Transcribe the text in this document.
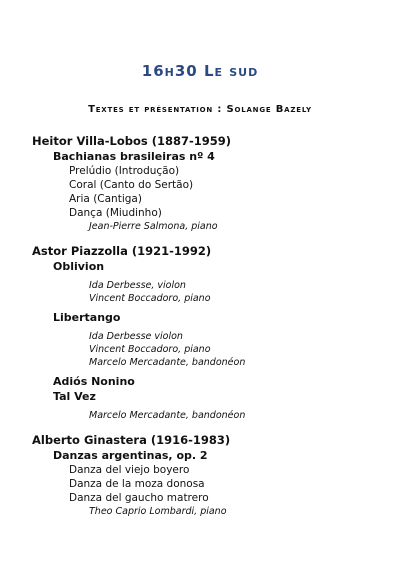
16h30 Le sud
Textes et présentation : Solange Bazely
Heitor Villa-Lobos (1887-1959)
Bachianas brasileiras nº 4
Prelúdio (Introdução)
Coral (Canto do Sertão)
Aria (Cantiga)
Dança (Miudinho)
Jean-Pierre Salmona, piano
Astor Piazzolla (1921-1992)
Oblivion
Ida Derbesse, violon
Vincent Boccadoro, piano
Libertango
Ida Derbesse violon
Vincent Boccadoro, piano
Marcelo Mercadante, bandonéon
Adiós Nonino
Tal Vez
Marcelo Mercadante, bandonéon
Alberto Ginastera (1916-1983)
Danzas argentinas, op. 2
Danza del viejo boyero
Danza de la moza donosa
Danza del gaucho matrero
Theo Caprio Lombardi, piano
